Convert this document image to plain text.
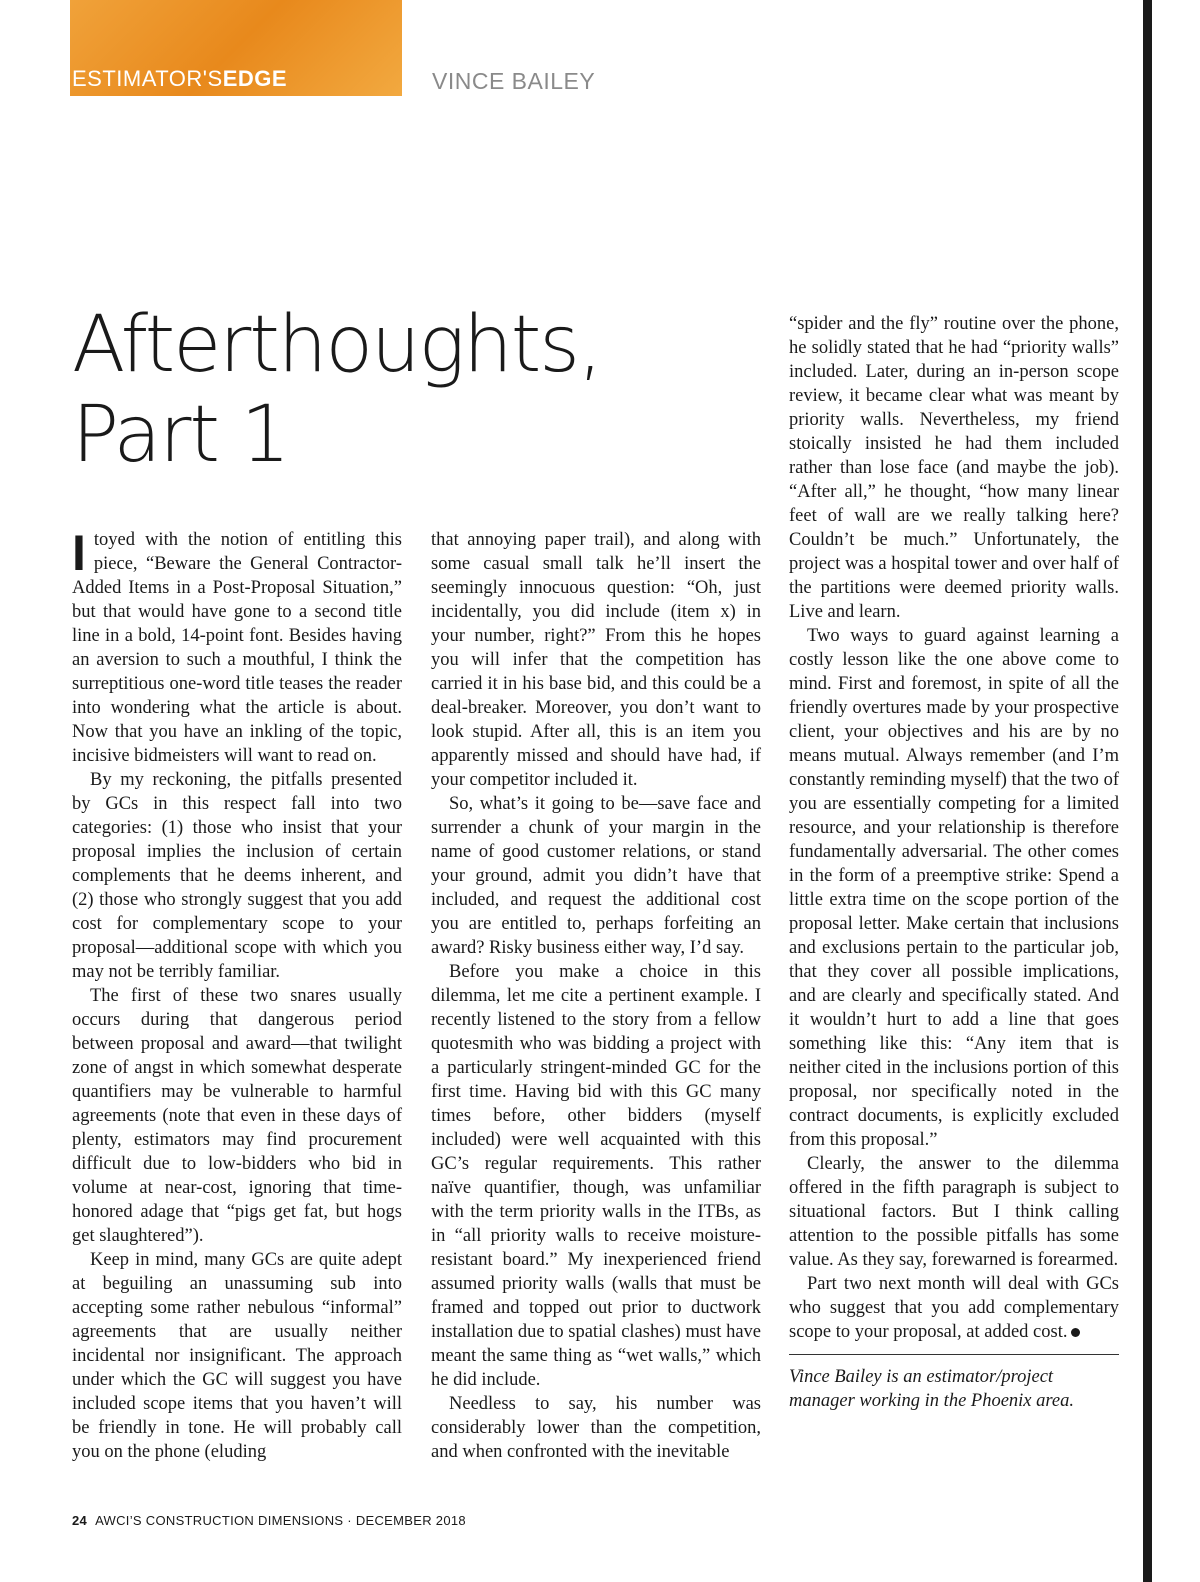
ESTIMATOR'SEDGE	VINCE BAILEY
Afterthoughts,
Part 1

I toyed with the notion of entitling this piece, “Beware the General Contractor-Added Items in a Post-Proposal Situation,” but that would have gone to a second title line in a bold, 14-point font. Besides having an aversion to such a mouthful, I think the surreptitious one-word title teases the reader into wondering what the article is about. Now that you have an inkling of the topic, incisive bidmeisters will want to read on.

By my reckoning, the pitfalls presented by GCs in this respect fall into two categories: (1) those who insist that your proposal implies the inclusion of certain complements that he deems inherent, and (2) those who strongly suggest that you add cost for complementary scope to your proposal—additional scope with which you may not be terribly familiar.

The first of these two snares usually occurs during that dangerous period between proposal and award—that twilight zone of angst in which somewhat desperate quantifiers may be vulnerable to harmful agreements (note that even in these days of plenty, estimators may find procurement difficult due to low-bidders who bid in volume at near-cost, ignoring that time-honored adage that “pigs get fat, but hogs get slaughtered”).

Keep in mind, many GCs are quite adept at beguiling an unassuming sub into accepting some rather nebulous “informal” agreements that are usually neither incidental nor insignificant. The approach under which the GC will suggest you have included scope items that you haven’t will be friendly in tone. He will probably call you on the phone (eluding

that annoying paper trail), and along with some casual small talk he’ll insert the seemingly innocuous question: “Oh, just incidentally, you did include (item x) in your number, right?” From this he hopes you will infer that the competition has carried it in his base bid, and this could be a deal-breaker. Moreover, you don’t want to look stupid. After all, this is an item you apparently missed and should have had, if your competitor included it.

So, what’s it going to be—save face and surrender a chunk of your margin in the name of good customer relations, or stand your ground, admit you didn’t have that included, and request the additional cost you are entitled to, perhaps forfeiting an award? Risky business either way, I’d say.

Before you make a choice in this dilemma, let me cite a pertinent example. I recently listened to the story from a fellow quotesmith who was bidding a project with a particularly stringent-minded GC for the first time. Having bid with this GC many times before, other bidders (myself included) were well acquainted with this GC’s regular requirements. This rather naïve quantifier, though, was unfamiliar with the term priority walls in the ITBs, as in “all priority walls to receive moisture-resistant board.” My inexperienced friend assumed priority walls (walls that must be framed and topped out prior to ductwork installation due to spatial clashes) must have meant the same thing as “wet walls,” which he did include.

Needless to say, his number was considerably lower than the competition, and when confronted with the inevitable

“spider and the fly” routine over the phone, he solidly stated that he had “priority walls” included. Later, during an in-person scope review, it became clear what was meant by priority walls. Nevertheless, my friend stoically insisted he had them included rather than lose face (and maybe the job). “After all,” he thought, “how many linear feet of wall are we really talking here? Couldn’t be much.” Unfortunately, the project was a hospital tower and over half of the partitions were deemed priority walls. Live and learn.

Two ways to guard against learning a costly lesson like the one above come to mind. First and foremost, in spite of all the friendly overtures made by your prospective client, your objectives and his are by no means mutual. Always remember (and I’m constantly reminding myself) that the two of you are essentially competing for a limited resource, and your relationship is therefore fundamentally adversarial. The other comes in the form of a preemptive strike: Spend a little extra time on the scope portion of the proposal letter. Make certain that inclusions and exclusions pertain to the particular job, that they cover all possible implications, and are clearly and specifically stated. And it wouldn’t hurt to add a line that goes something like this: “Any item that is neither cited in the inclusions portion of this proposal, nor specifically noted in the contract documents, is explicitly excluded from this proposal.”

Clearly, the answer to the dilemma offered in the fifth paragraph is subject to situational factors. But I think calling attention to the possible pitfalls has some value. As they say, forewarned is forearmed.

Part two next month will deal with GCs who suggest that you add complementary scope to your proposal, at added cost.

Vince Bailey is an estimator/project manager working in the Phoenix area.

24 AWCI’S CONSTRUCTION DIMENSIONS · DECEMBER 2018
